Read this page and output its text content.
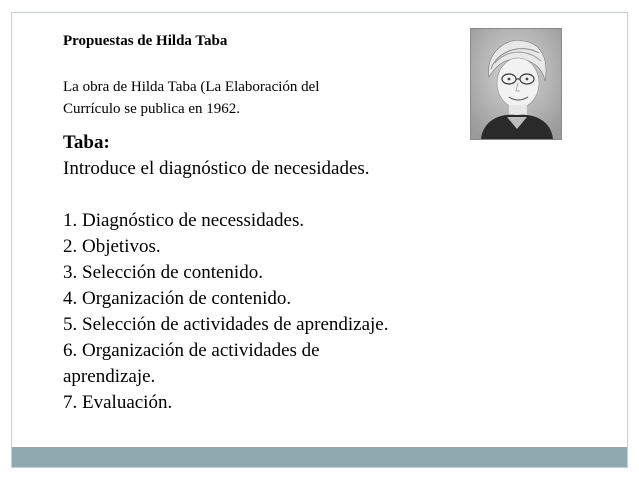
Propuestas de Hilda Taba
La obra de Hilda Taba (La Elaboración del
Currículo se publica en 1962.
Taba:
Introduce el diagnóstico de necesidades.
1. Diagnóstico de necessidades.
2. Objetivos.
3. Selección de contenido.
4. Organización de contenido.
5. Selección de actividades de aprendizaje.
6. Organización de actividades de
aprendizaje.
7. Evaluación.
